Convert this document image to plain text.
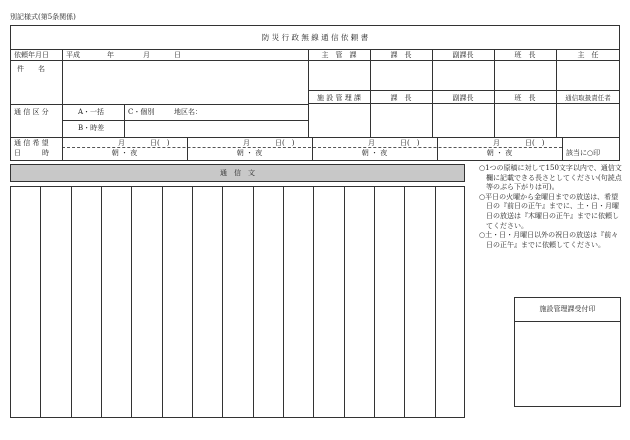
別記様式(第5条関係)
防 災 行 政 無 線 通 信 依 頼 書
依頼年月日 平成	年	月	日
件　　名
主　管　課	課　長	副課長	班　長	主　任
施 設 管 理 課	課　長	副課長	班　長	通信取扱責任者
通 信 区 分	A・一括	C・個別	地区名：
B・時差
通 信 希 望
日　　　時
月	日(　)
朝 ・ 夜
月	日(　)
朝 ・ 夜
月	日(　)
朝 ・ 夜
月	日(　)
朝 ・ 夜	該当に○印
通　信　文
○1つの原稿に対して150文字以内で、通信文欄に記載できる長さとしてください(句読点等のぶら下がりは可)。
○平日の火曜から金曜日までの放送は、希望日の『前日の正午』までに、土・日・月曜日の放送は『木曜日の正午』までに依頼してください。
○土・日・月曜日以外の祝日の放送は『前々日の正午』までに依頼してください。
施設管理課受付印
